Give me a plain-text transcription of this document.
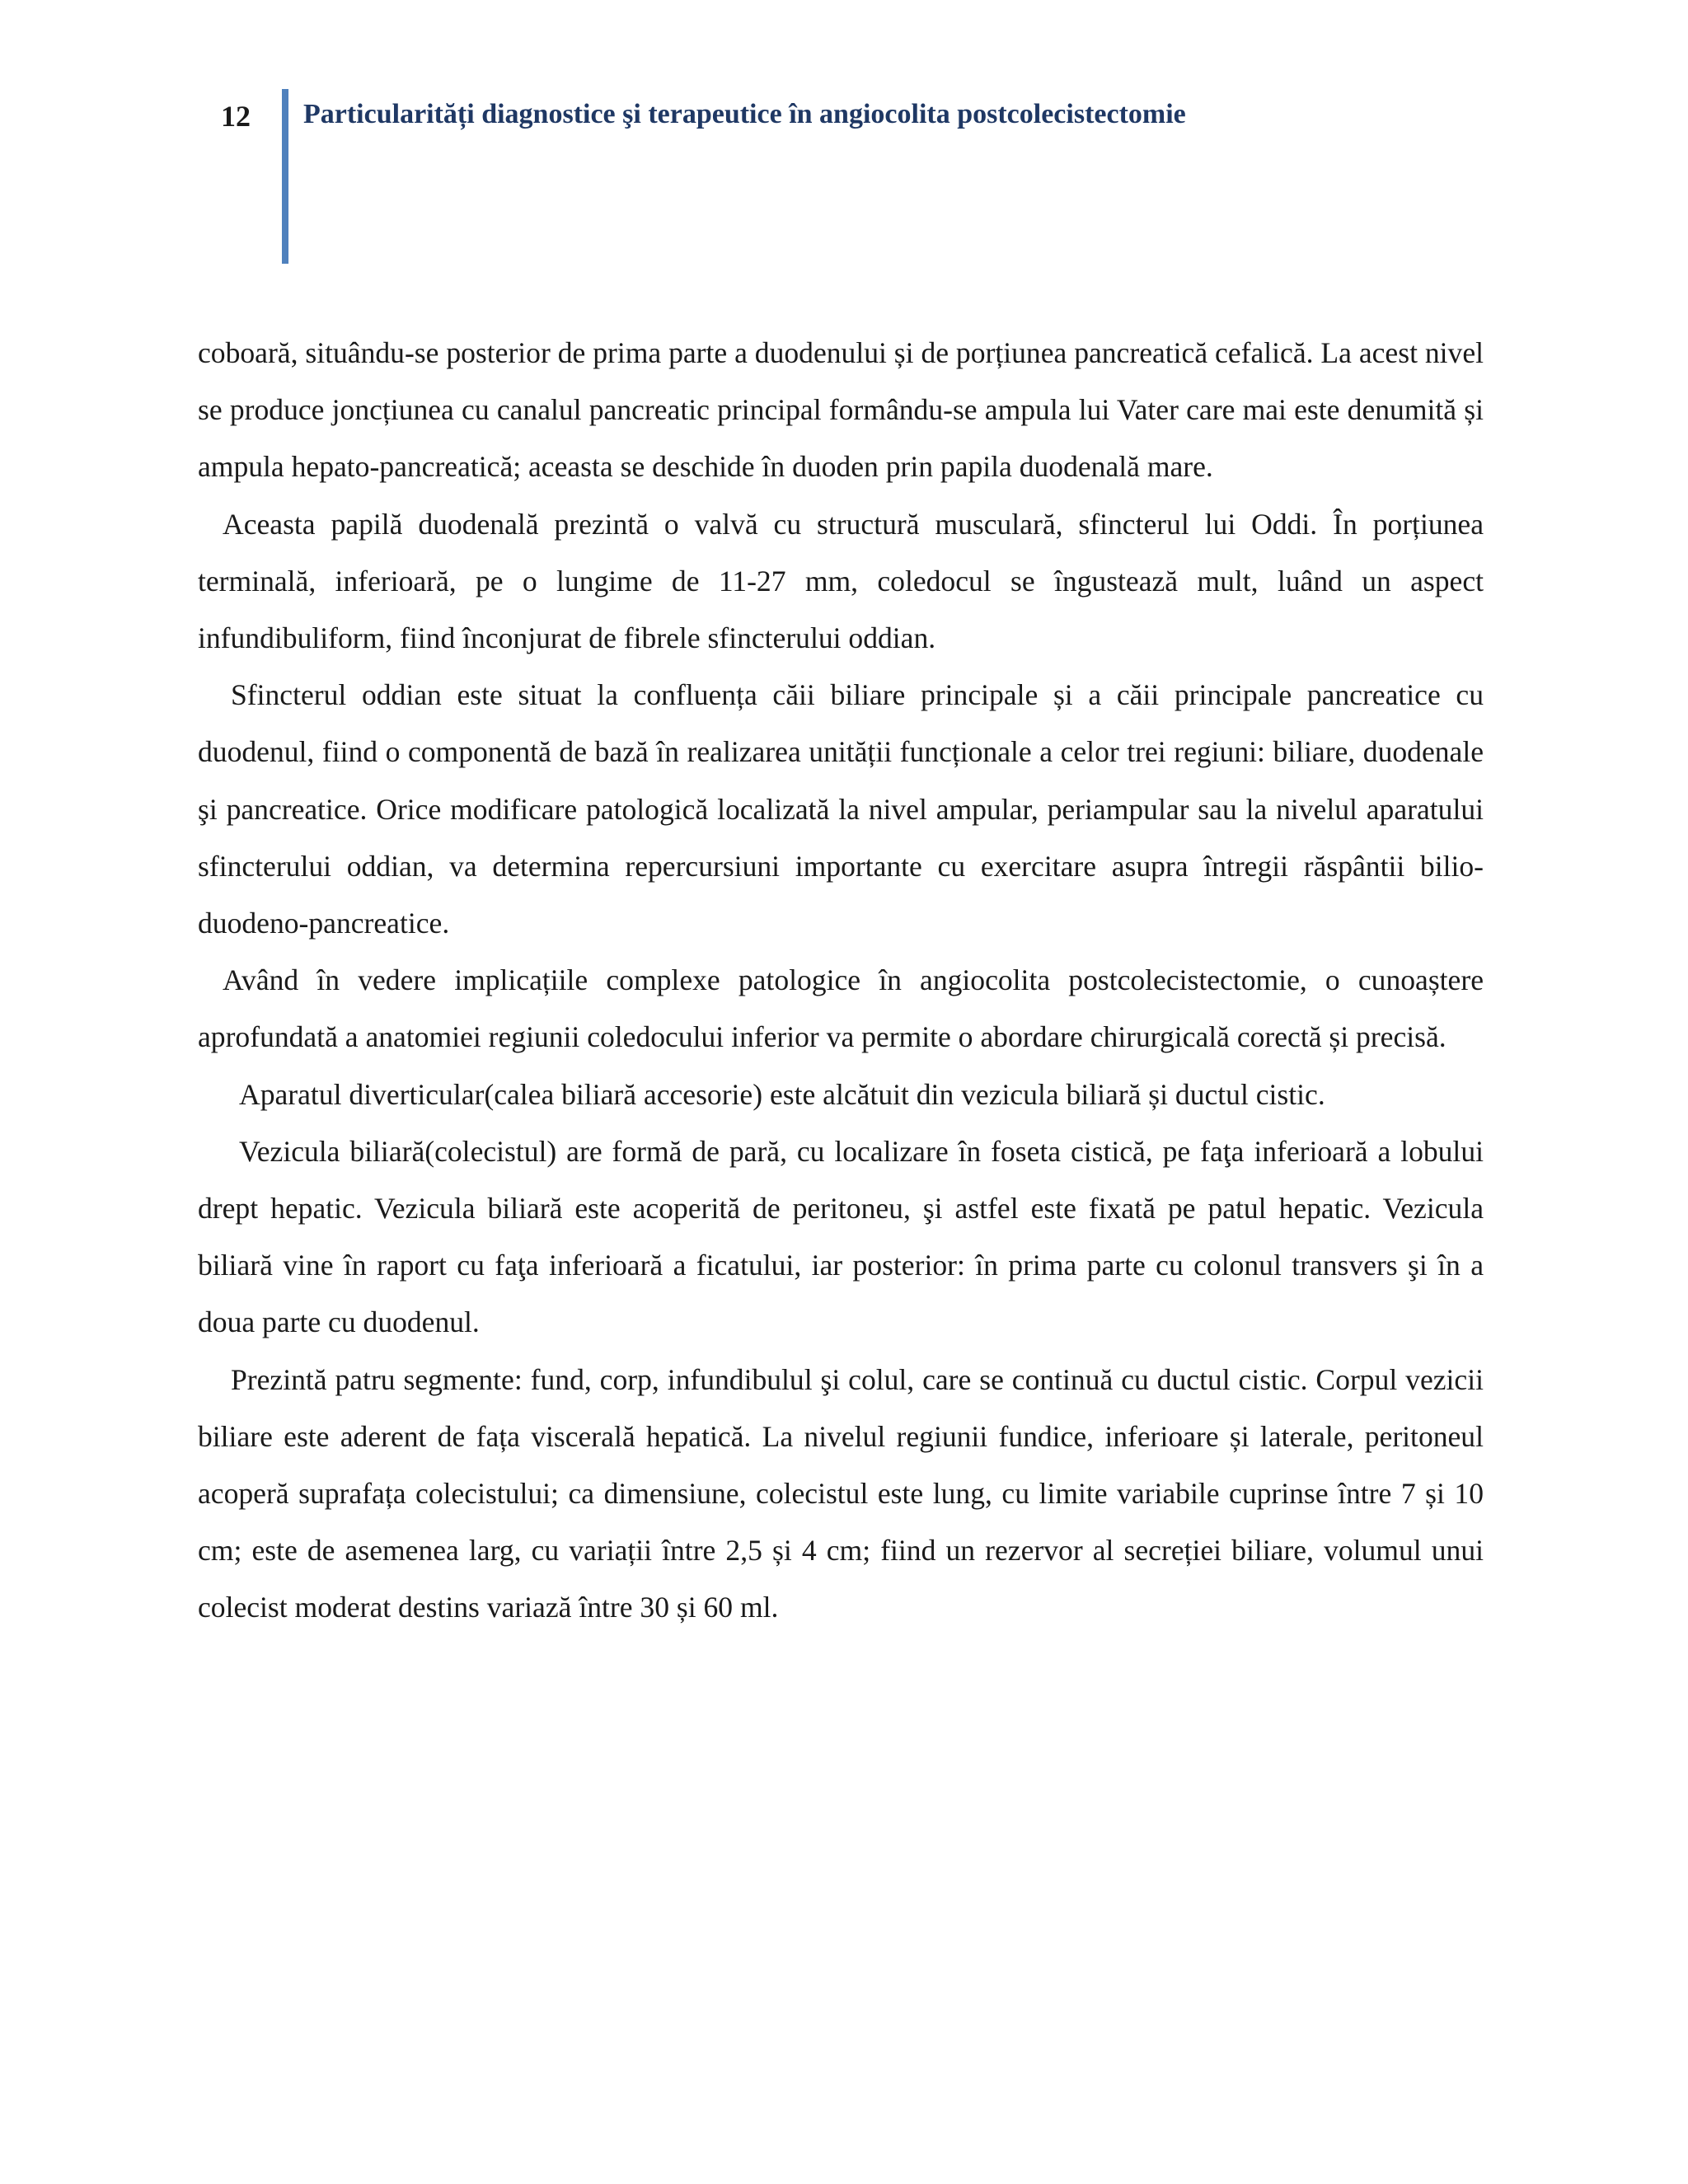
12 Particularități diagnostice şi terapeutice în angiocolita postcolecistectomie

coboară, situându-se posterior de prima parte a duodenului și de porțiunea pancreatică cefalică. La acest nivel se produce joncțiunea cu canalul pancreatic principal formându-se ampula lui Vater care mai este denumită și ampula hepato-pancreatică; aceasta se deschide în duoden prin papila duodenală mare.

Aceasta papilă duodenală prezintă o valvă cu structură musculară, sfincterul lui Oddi. În porțiunea terminală, inferioară, pe o lungime de 11-27 mm, coledocul se îngustează mult, luând un aspect infundibuliform, fiind înconjurat de fibrele sfincterului oddian.

Sfincterul oddian este situat la confluența căii biliare principale și a căii principale pancreatice cu duodenul, fiind o componentă de bază în realizarea unității funcționale a celor trei regiuni: biliare, duodenale şi pancreatice. Orice modificare patologică localizată la nivel ampular, periampular sau la nivelul aparatului sfincterului oddian, va determina repercursiuni importante cu exercitare asupra întregii răspântii bilio-duodeno-pancreatice.

Având în vedere implicațiile complexe patologice în angiocolita postcolecistectomie, o cunoaștere aprofundată a anatomiei regiunii coledocului inferior va permite o abordare chirurgicală corectă și precisă.

Aparatul diverticular(calea biliară accesorie) este alcătuit din vezicula biliară și ductul cistic.

Vezicula biliară(colecistul) are formă de pară, cu localizare în foseta cistică, pe faţa inferioară a lobului drept hepatic. Vezicula biliară este acoperită de peritoneu, şi astfel este fixată pe patul hepatic. Vezicula biliară vine în raport cu faţa inferioară a ficatului, iar posterior: în prima parte cu colonul transvers şi în a doua parte cu duodenul.

Prezintă patru segmente: fund, corp, infundibulul şi colul, care se continuă cu ductul cistic. Corpul vezicii biliare este aderent de fața viscerală hepatică. La nivelul regiunii fundice, inferioare și laterale, peritoneul acoperă suprafața colecistului; ca dimensiune, colecistul este lung, cu limite variabile cuprinse între 7 și 10 cm; este de asemenea larg, cu variații între 2,5 și 4 cm; fiind un rezervor al secreției biliare, volumul unui colecist moderat destins variază între 30 și 60 ml.
